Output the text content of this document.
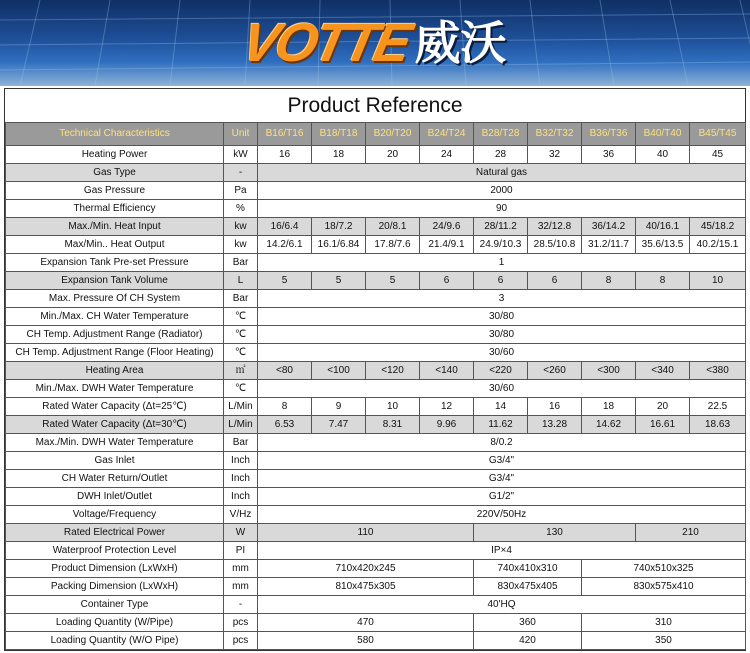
VOTTE 威沃
Product Reference
Technical Characteristics	Unit	B16/T16	B18/T18	B20/T20	B24/T24	B28/T28	B32/T32	B36/T36	B40/T40	B45/T45
Heating Power	kW	16	18	20	24	28	32	36	40	45
Gas Type	-	Natural gas								
Gas Pressure	Pa	2000								
Thermal Efficiency	%	90								
Max./Min. Heat Input	kw	16/6.4	18/7.2	20/8.1	24/9.6	28/11.2	32/12.8	36/14.2	40/16.1	45/18.2
Max/Min.. Heat Output	kw	14.2/6.1	16.1/6.84	17.8/7.6	21.4/9.1	24.9/10.3	28.5/10.8	31.2/11.7	35.6/13.5	40.2/15.1
Expansion Tank Pre-set Pressure	Bar	1								
Expansion Tank Volume	L	5	5	5	6	6	6	8	8	10
Max. Pressure Of CH System	Bar	3								
Min./Max. CH Water Temperature	℃	30/80								
CH Temp. Adjustment Range (Radiator)	℃	30/80								
CH Temp. Adjustment Range (Floor Heating)	℃	30/60								
Heating Area	㎡	<80	<100	<120	<140	<220	<260	<300	<340	<380
Min./Max. DWH Water Temperature	℃	30/60								
Rated Water Capacity (Δt=25℃)	L/Min	8	9	10	12	14	16	18	20	22.5
Rated Water Capacity (Δt=30℃)	L/Min	6.53	7.47	8.31	9.96	11.62	13.28	14.62	16.61	18.63
Max./Min. DWH Water Temperature	Bar	8/0.2								
Gas Inlet	Inch	G3/4"								
CH Water Return/Outlet	Inch	G3/4"								
DWH Inlet/Outlet	Inch	G1/2"								
Voltage/Frequency	V/Hz	220V/50Hz								
Rated Electrical Power	W	110				130			210	
Waterproof Protection Level	PI	IP×4								
Product Dimension (LxWxH)	mm	710x420x245				740x410x310		740x510x325		
Packing Dimension (LxWxH)	mm	810x475x305				830x475x405		830x575x410		
Container Type	-	40'HQ								
Loading Quantity (W/Pipe)	pcs	470				360		310		
Loading Quantity (W/O Pipe)	pcs	580				420		350		
